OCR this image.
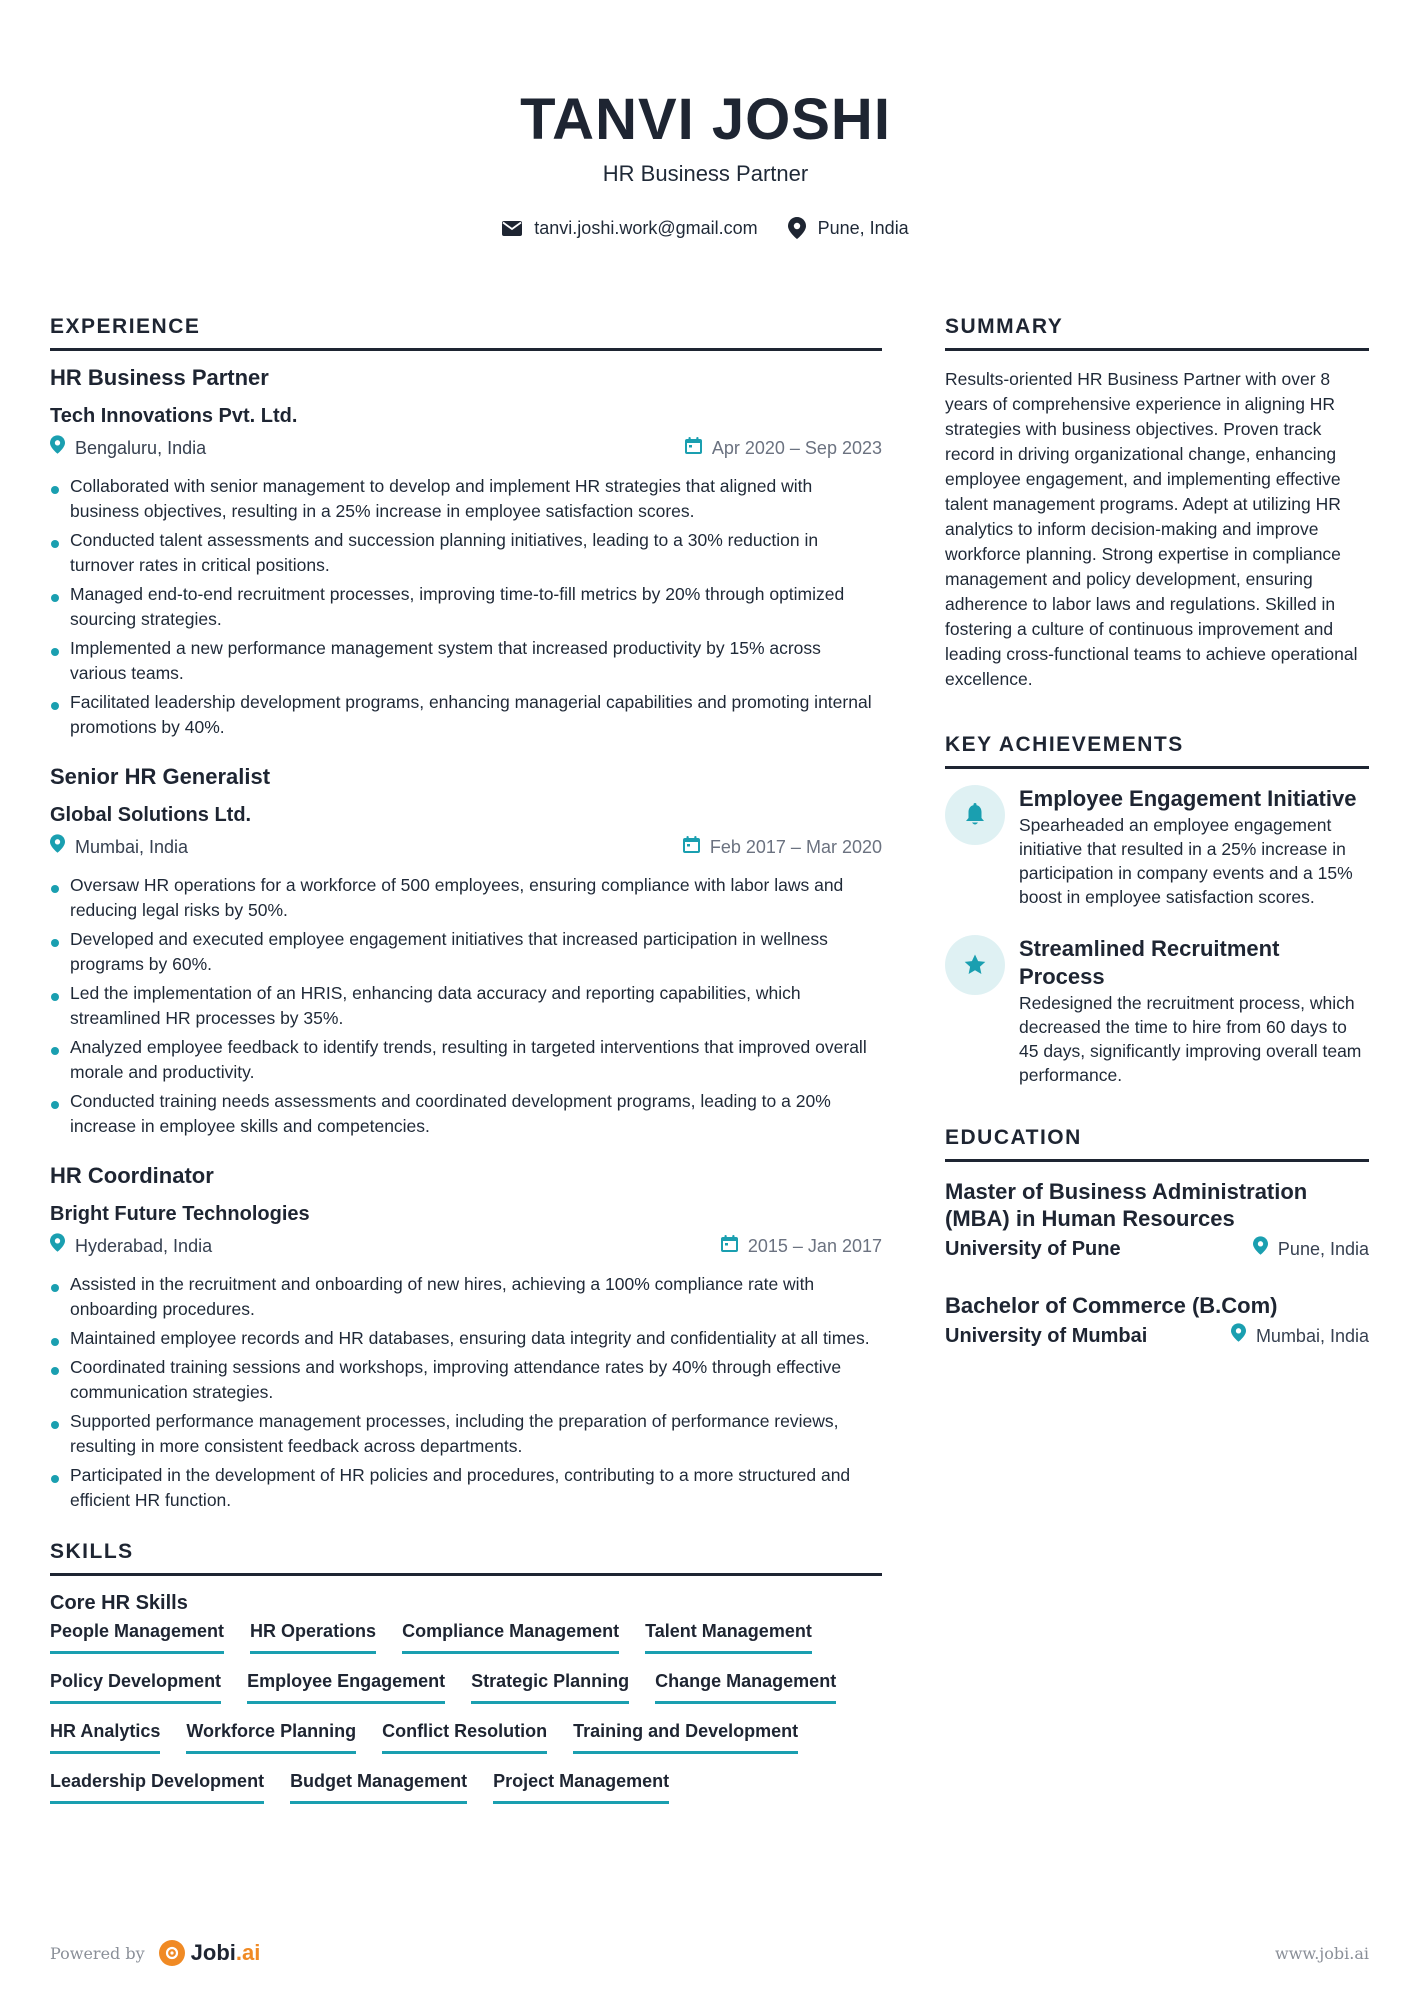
TANVI JOSHI
HR Business Partner
tanvi.joshi.work@gmail.com	Pune, India
EXPERIENCE
HR Business Partner
Tech Innovations Pvt. Ltd.
Bengaluru, India	Apr 2020 – Sep 2023
Collaborated with senior management to develop and implement HR strategies that aligned with business objectives, resulting in a 25% increase in employee satisfaction scores.
Conducted talent assessments and succession planning initiatives, leading to a 30% reduction in turnover rates in critical positions.
Managed end-to-end recruitment processes, improving time-to-fill metrics by 20% through optimized sourcing strategies.
Implemented a new performance management system that increased productivity by 15% across various teams.
Facilitated leadership development programs, enhancing managerial capabilities and promoting internal promotions by 40%.
Senior HR Generalist
Global Solutions Ltd.
Mumbai, India	Feb 2017 – Mar 2020
Oversaw HR operations for a workforce of 500 employees, ensuring compliance with labor laws and reducing legal risks by 50%.
Developed and executed employee engagement initiatives that increased participation in wellness programs by 60%.
Led the implementation of an HRIS, enhancing data accuracy and reporting capabilities, which streamlined HR processes by 35%.
Analyzed employee feedback to identify trends, resulting in targeted interventions that improved overall morale and productivity.
Conducted training needs assessments and coordinated development programs, leading to a 20% increase in employee skills and competencies.
HR Coordinator
Bright Future Technologies
Hyderabad, India	2015 – Jan 2017
Assisted in the recruitment and onboarding of new hires, achieving a 100% compliance rate with onboarding procedures.
Maintained employee records and HR databases, ensuring data integrity and confidentiality at all times.
Coordinated training sessions and workshops, improving attendance rates by 40% through effective communication strategies.
Supported performance management processes, including the preparation of performance reviews, resulting in more consistent feedback across departments.
Participated in the development of HR policies and procedures, contributing to a more structured and efficient HR function.
SKILLS
Core HR Skills
People Management HR Operations Compliance Management Talent Management
Policy Development Employee Engagement Strategic Planning Change Management
HR Analytics Workforce Planning Conflict Resolution Training and Development
Leadership Development Budget Management Project Management
SUMMARY
Results-oriented HR Business Partner with over 8 years of comprehensive experience in aligning HR strategies with business objectives. Proven track record in driving organizational change, enhancing employee engagement, and implementing effective talent management programs. Adept at utilizing HR analytics to inform decision-making and improve workforce planning. Strong expertise in compliance management and policy development, ensuring adherence to labor laws and regulations. Skilled in fostering a culture of continuous improvement and leading cross-functional teams to achieve operational excellence.
KEY ACHIEVEMENTS
Employee Engagement Initiative
Spearheaded an employee engagement initiative that resulted in a 25% increase in participation in company events and a 15% boost in employee satisfaction scores.
Streamlined Recruitment Process
Redesigned the recruitment process, which decreased the time to hire from 60 days to 45 days, significantly improving overall team performance.
EDUCATION
Master of Business Administration (MBA) in Human Resources
University of Pune	Pune, India
Bachelor of Commerce (B.Com)
University of Mumbai	Mumbai, India
Powered by Jobi.ai	www.jobi.ai
